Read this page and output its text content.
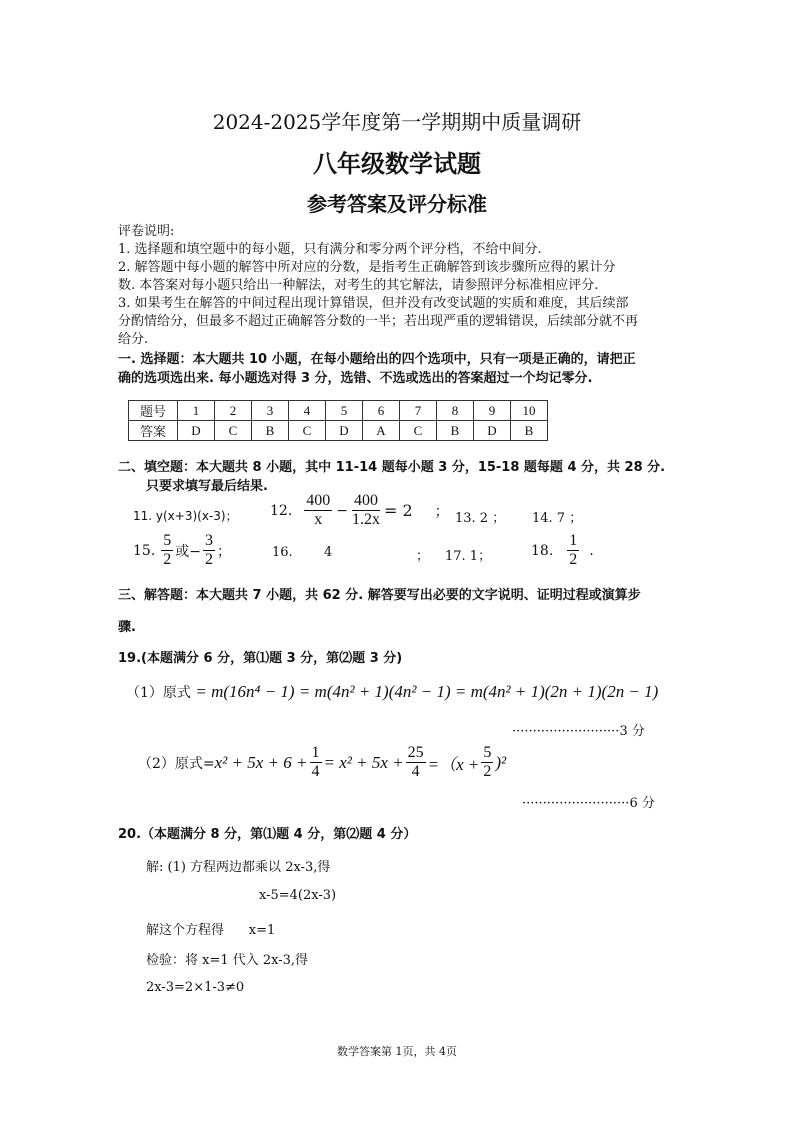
2024-2025学年度第一学期期中质量调研
八年级数学试题
参考答案及评分标准
评卷说明:
1. 选择题和填空题中的每小题，只有满分和零分两个评分档，不给中间分.
2. 解答题中每小题的解答中所对应的分数，是指考生正确解答到该步骤所应得的累计分
数. 本答案对每小题只给出一种解法，对考生的其它解法，请参照评分标准相应评分.
3. 如果考生在解答的中间过程出现计算错误，但并没有改变试题的实质和难度，其后续部
分酌情给分，但最多不超过正确解答分数的一半；若出现严重的逻辑错误，后续部分就不再
给分.
一. 选择题：本大题共 10 小题，在每小题给出的四个选项中，只有一项是正确的，请把正
确的选项选出来. 每小题选对得 3 分，选错、不选或选出的答案超过一个均记零分.
题号	1	2	3	4	5	6	7	8	9	10
答案	D	C	B	C	D	A	C	B	D	B
二、填空题：本大题共 8 小题，其中 11-14 题每小题 3 分，15-18 题每题 4 分，共 28 分.
只要求填写最后结果.
11. y(x+3)(x-3)； 12. $\frac{400}{x} - \frac{400}{1.2x} = 2$ ； 13. 2 ； 14. 7 ；
15. $\frac{5}{2}$ 或− $\frac{3}{2}$ ；	16. 4	； 17. 1；	18. $\frac{1}{2}$ .
三、解答题：本大题共 7 小题，共 62 分. 解答要写出必要的文字说明、证明过程或演算步
骤.
19.(本题满分 6 分，第⑴题 3 分，第⑵题 3 分)
（1）原式 = m(16n⁴ − 1) = m(4n² + 1)(4n² − 1) = m(4n² + 1)(2n + 1)(2n − 1)
··························3 分
（2）原式= $x^2 + 5x + 6 + \frac{1}{4} = x^2 + 5x + \frac{25}{4} =(x + \frac{5}{2} )^2$
··························6 分
20.（本题满分 8 分，第⑴题 4 分，第⑵题 4 分）
解: (1) 方程两边都乘以 2x-3,得
x-5=4(2x-3)
解这个方程得      x=1
检验：将 x=1 代入 2x-3,得
2x-3=2×1-3≠0
数学答案第 1页，共 4页
